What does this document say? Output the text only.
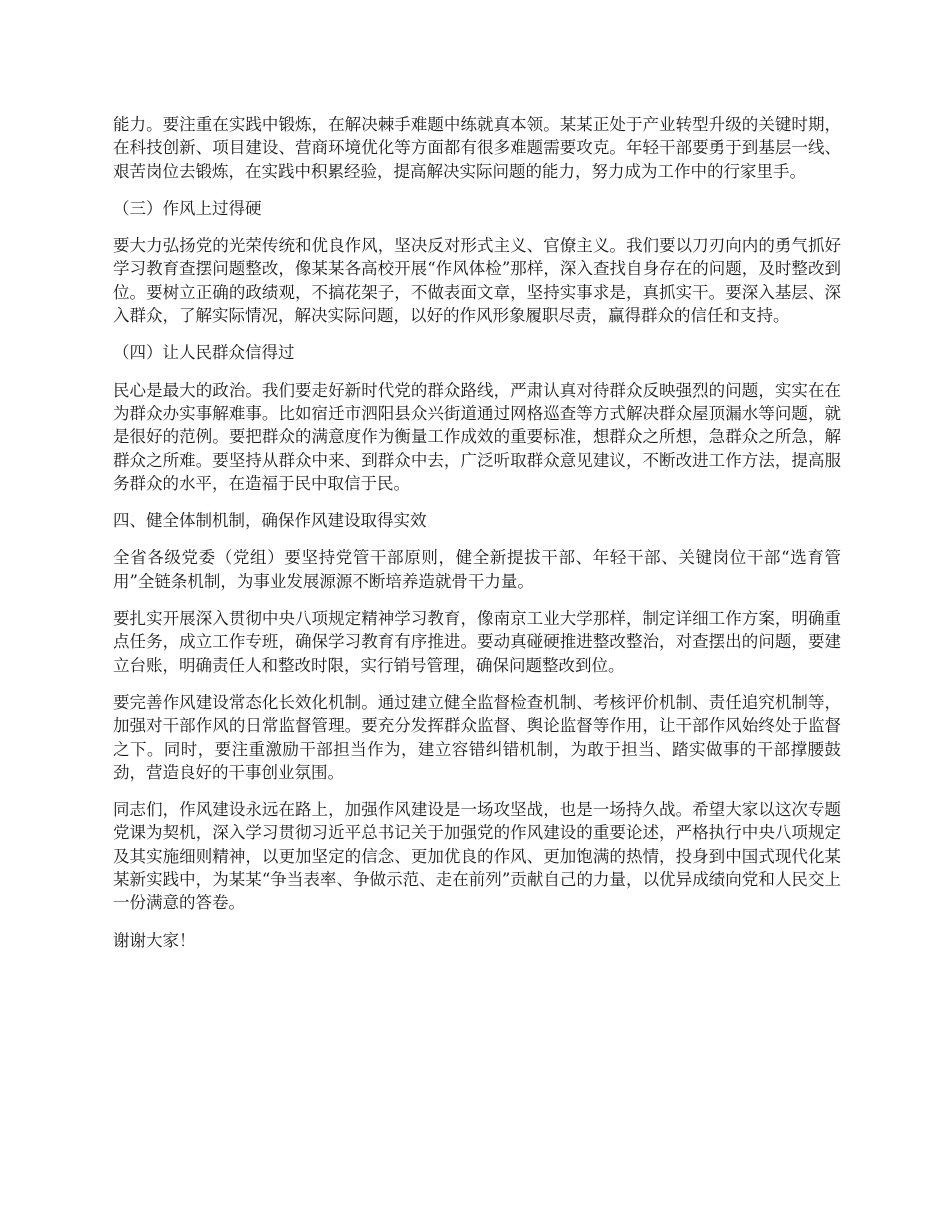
能力。要注重在实践中锻炼，在解决棘手难题中练就真本领。某某正处于产业转型升级的关键时期，在科技创新、项目建设、营商环境优化等方面都有很多难题需要攻克。年轻干部要勇于到基层一线、艰苦岗位去锻炼，在实践中积累经验，提高解决实际问题的能力，努力成为工作中的行家里手。

（三）作风上过得硬

要大力弘扬党的光荣传统和优良作风，坚决反对形式主义、官僚主义。我们要以刀刃向内的勇气抓好学习教育查摆问题整改，像某某各高校开展“作风体检”那样，深入查找自身存在的问题，及时整改到位。要树立正确的政绩观，不搞花架子，不做表面文章，坚持实事求是，真抓实干。要深入基层、深入群众，了解实际情况，解决实际问题，以好的作风形象履职尽责，赢得群众的信任和支持。

（四）让人民群众信得过

民心是最大的政治。我们要走好新时代党的群众路线，严肃认真对待群众反映强烈的问题，实实在在为群众办实事解难事。比如宿迁市泗阳县众兴街道通过网格巡查等方式解决群众屋顶漏水等问题，就是很好的范例。要把群众的满意度作为衡量工作成效的重要标准，想群众之所想，急群众之所急，解群众之所难。要坚持从群众中来、到群众中去，广泛听取群众意见建议，不断改进工作方法，提高服务群众的水平，在造福于民中取信于民。

四、健全体制机制，确保作风建设取得实效

全省各级党委（党组）要坚持党管干部原则，健全新提拔干部、年轻干部、关键岗位干部“选育管用”全链条机制，为事业发展源源不断培养造就骨干力量。

要扎实开展深入贯彻中央八项规定精神学习教育，像南京工业大学那样，制定详细工作方案，明确重点任务，成立工作专班，确保学习教育有序推进。要动真碰硬推进整改整治，对查摆出的问题，要建立台账，明确责任人和整改时限，实行销号管理，确保问题整改到位。

要完善作风建设常态化长效化机制。通过建立健全监督检查机制、考核评价机制、责任追究机制等，加强对干部作风的日常监督管理。要充分发挥群众监督、舆论监督等作用，让干部作风始终处于监督之下。同时，要注重激励干部担当作为，建立容错纠错机制，为敢于担当、踏实做事的干部撑腰鼓劲，营造良好的干事创业氛围。

同志们，作风建设永远在路上，加强作风建设是一场攻坚战，也是一场持久战。希望大家以这次专题党课为契机，深入学习贯彻习近平总书记关于加强党的作风建设的重要论述，严格执行中央八项规定及其实施细则精神，以更加坚定的信念、更加优良的作风、更加饱满的热情，投身到中国式现代化某某新实践中，为某某“争当表率、争做示范、走在前列”贡献自己的力量，以优异成绩向党和人民交上一份满意的答卷。

谢谢大家！
